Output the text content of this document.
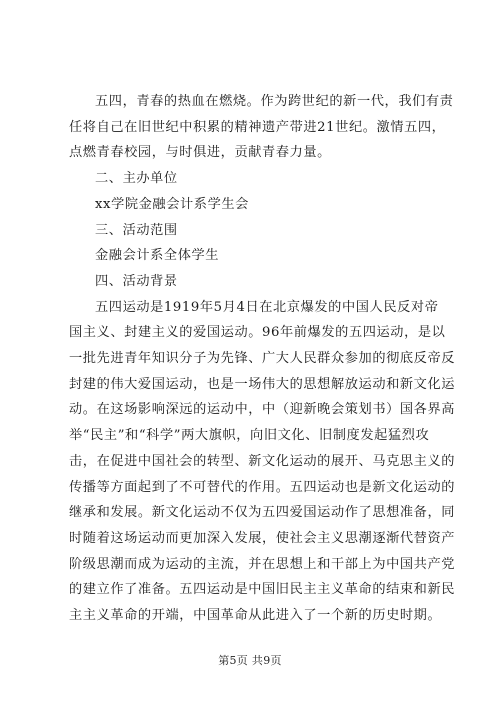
五四，青春的热血在燃烧。作为跨世纪的新一代，我们有责
任将自己在旧世纪中积累的精神遗产带进21世纪。激情五四，
点燃青春校园，与时俱进，贡献青春力量。
二、主办单位
xx学院金融会计系学生会
三、活动范围
金融会计系全体学生
四、活动背景
五四运动是1919年5月4日在北京爆发的中国人民反对帝
国主义、封建主义的爱国运动。96年前爆发的五四运动，是以
一批先进青年知识分子为先锋、广大人民群众参加的彻底反帝反
封建的伟大爱国运动，也是一场伟大的思想解放运动和新文化运
动。在这场影响深远的运动中，中（迎新晚会策划书）国各界高
举“民主”和“科学”两大旗帜，向旧文化、旧制度发起猛烈攻
击，在促进中国社会的转型、新文化运动的展开、马克思主义的
传播等方面起到了不可替代的作用。五四运动也是新文化运动的
继承和发展。新文化运动不仅为五四爱国运动作了思想准备，同
时随着这场运动而更加深入发展，使社会主义思潮逐渐代替资产
阶级思潮而成为运动的主流，并在思想上和干部上为中国共产党
的建立作了准备。五四运动是中国旧民主主义革命的结束和新民
第5页 共9页
主主义革命的开端，中国革命从此进入了一个新的历史时期。
